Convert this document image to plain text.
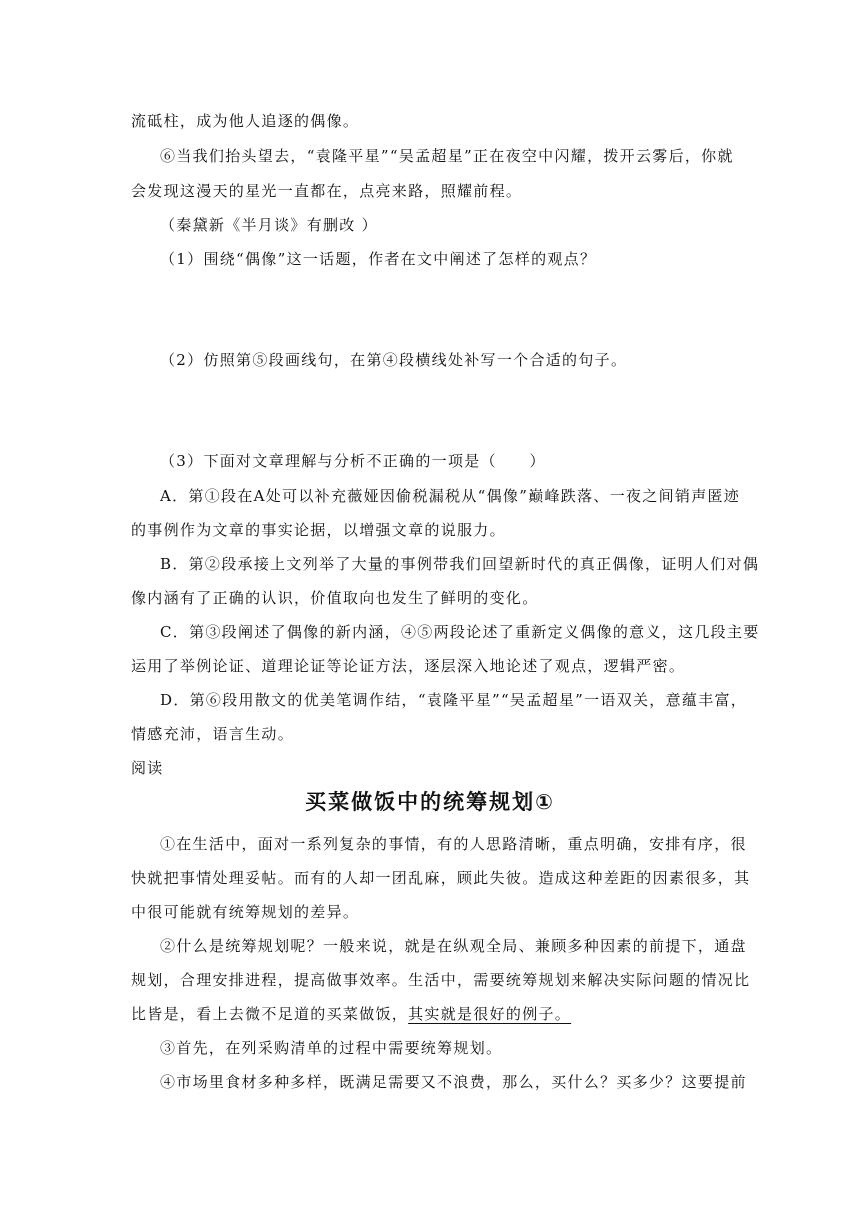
流砥柱，成为他人追逐的偶像。
⑥当我们抬头望去，“袁隆平星”“吴孟超星”正在夜空中闪耀，拨开云雾后，你就
会发现这漫天的星光一直都在，点亮来路，照耀前程。
（秦黛新《半月谈》有删改 ）
（1）围绕“偶像”这一话题，作者在文中阐述了怎样的观点？
（2）仿照第⑤段画线句，在第④段横线处补写一个合适的句子。
（3）下面对文章理解与分析不正确的一项是（　　）
A．第①段在A处可以补充薇娅因偷税漏税从“偶像”巅峰跌落、一夜之间销声匿迹
的事例作为文章的事实论据，以增强文章的说服力。
B．第②段承接上文列举了大量的事例带我们回望新时代的真正偶像，证明人们对偶
像内涵有了正确的认识，价值取向也发生了鲜明的变化。
C．第③段阐述了偶像的新内涵，④⑤两段论述了重新定义偶像的意义，这几段主要
运用了举例论证、道理论证等论证方法，逐层深入地论述了观点，逻辑严密。
D．第⑥段用散文的优美笔调作结，“袁隆平星”“吴孟超星”一语双关，意蕴丰富，
情感充沛，语言生动。
阅读
买菜做饭中的统筹规划①
①在生活中，面对一系列复杂的事情，有的人思路清晰，重点明确，安排有序，很
快就把事情处理妥帖。而有的人却一团乱麻，顾此失彼。造成这种差距的因素很多，其
中很可能就有统筹规划的差异。
②什么是统筹规划呢？一般来说，就是在纵观全局、兼顾多种因素的前提下，通盘
规划，合理安排进程，提高做事效率。生活中，需要统筹规划来解决实际问题的情况比
比皆是，看上去微不足道的买菜做饭，其实就是很好的例子。
③首先，在列采购清单的过程中需要统筹规划。
④市场里食材多种多样，既满足需要又不浪费，那么，买什么？买多少？这要提前
